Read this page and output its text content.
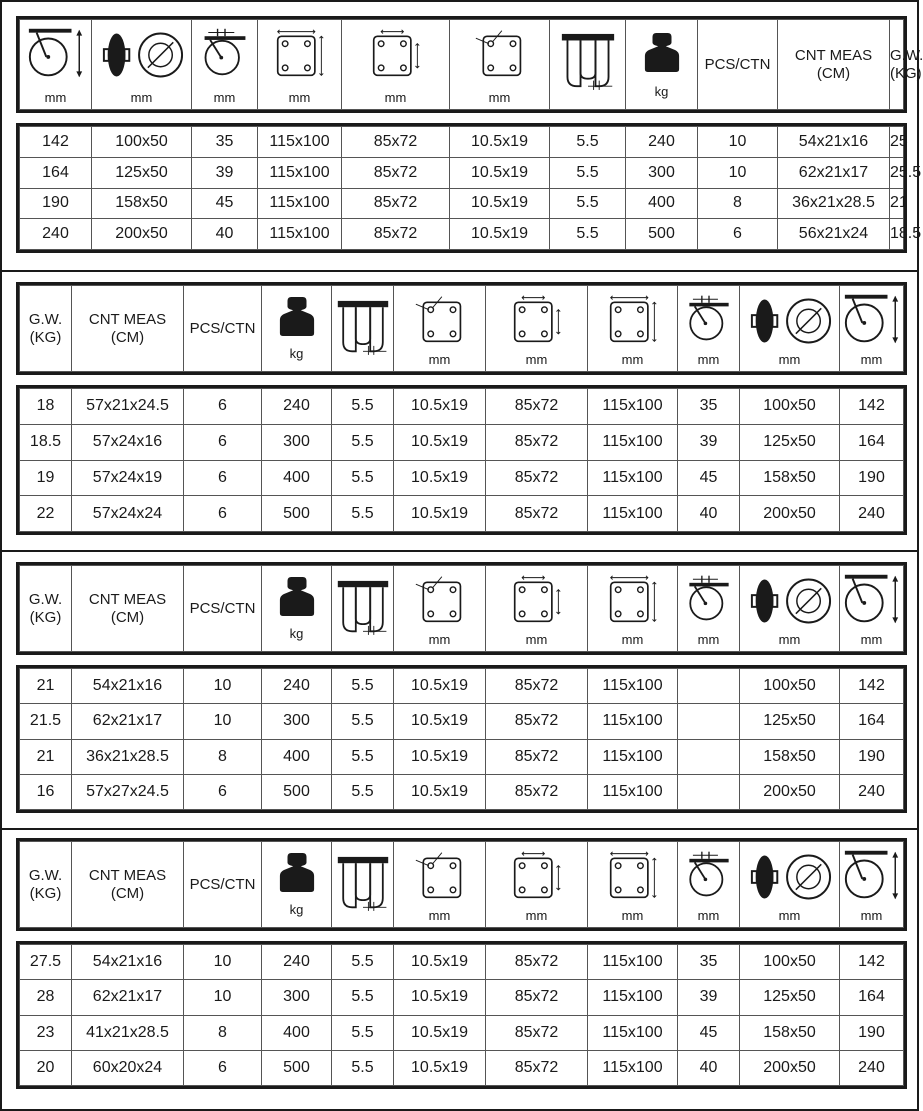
mm	mm	mm	mm	mm	mm		kg
	PCS/CTN	
CNT MEAS
(CM)

G.W.
(KG)
142	100x50	35	115x100	85x72	10.5x19	5.5	240	10	54x21x16	25
164	125x50	39	115x100	85x72	10.5x19	5.5	300	10	62x21x17	25.5
190	158x50	45	115x100	85x72	10.5x19	5.5	400	8	36x21x28.5	21
240	200x50	40	115x100	85x72	10.5x19	5.5	500	6	56x21x24	18.5
G.W.
(KG)

CNT MEAS
(CM)
	PCS/CTN	
kg		mm	mm	mm	mm	mm	mm
18	57x21x24.5	6	240	5.5	10.5x19	85x72	115x100	35	100x50	142
18.5	57x24x16	6	300	5.5	10.5x19	85x72	115x100	39	125x50	164
19	57x24x19	6	400	5.5	10.5x19	85x72	115x100	45	158x50	190
22	57x24x24	6	500	5.5	10.5x19	85x72	115x100	40	200x50	240
G.W.
(KG)

CNT MEAS
(CM)
	PCS/CTN	
kg		mm	mm	mm	mm	mm	mm
21	54x21x16	10	240	5.5	10.5x19	85x72	115x100		100x50	142
21.5	62x21x17	10	300	5.5	10.5x19	85x72	115x100		125x50	164
21	36x21x28.5	8	400	5.5	10.5x19	85x72	115x100		158x50	190
16	57x27x24.5	6	500	5.5	10.5x19	85x72	115x100		200x50	240
G.W.
(KG)

CNT MEAS
(CM)
	PCS/CTN	
kg		mm	mm	mm	mm	mm	mm
27.5	54x21x16	10	240	5.5	10.5x19	85x72	115x100	35	100x50	142
28	62x21x17	10	300	5.5	10.5x19	85x72	115x100	39	125x50	164
23	41x21x28.5	8	400	5.5	10.5x19	85x72	115x100	45	158x50	190
20	60x20x24	6	500	5.5	10.5x19	85x72	115x100	40	200x50	240
